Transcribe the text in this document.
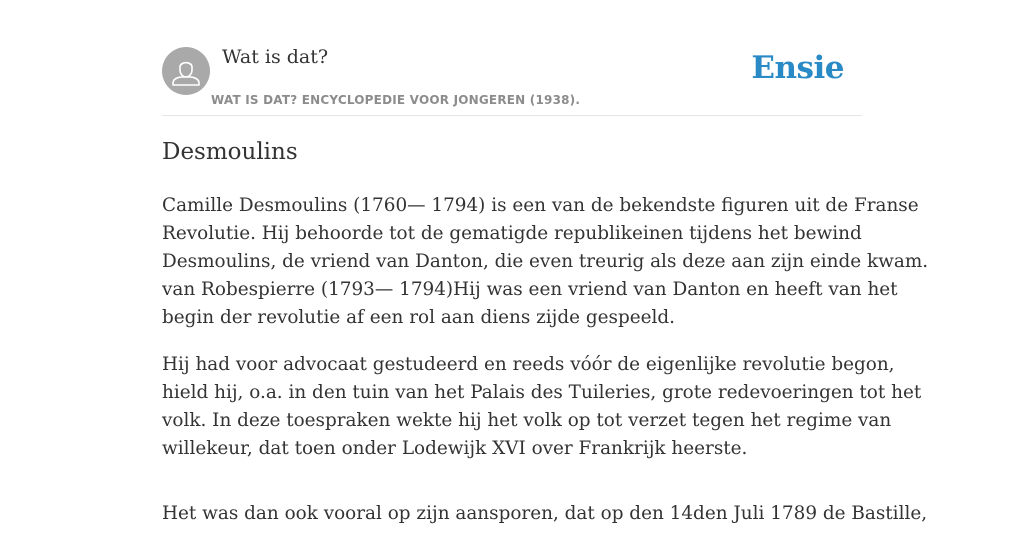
Wat is dat?
WAT IS DAT? ENCYCLOPEDIE VOOR JONGEREN (1938).
Ensie
Desmoulins

Camille Desmoulins (1760— 1794) is een van de bekendste figuren uit de Franse
Revolutie. Hij behoorde tot de gematigde republikeinen tijdens het bewind
Desmoulins, de vriend van Danton, die even treurig als deze aan zijn einde kwam.
van Robespierre (1793— 1794)Hij was een vriend van Danton en heeft van het
begin der revolutie af een rol aan diens zijde gespeeld.

Hij had voor advocaat gestudeerd en reeds vóór de eigenlijke revolutie begon,
hield hij, o.a. in den tuin van het Palais des Tuileries, grote redevoeringen tot het
volk. In deze toespraken wekte hij het volk op tot verzet tegen het regime van
willekeur, dat toen onder Lodewijk XVI over Frankrijk heerste.

Het was dan ook vooral op zijn aansporen, dat op den 14den Juli 1789 de Bastille,
